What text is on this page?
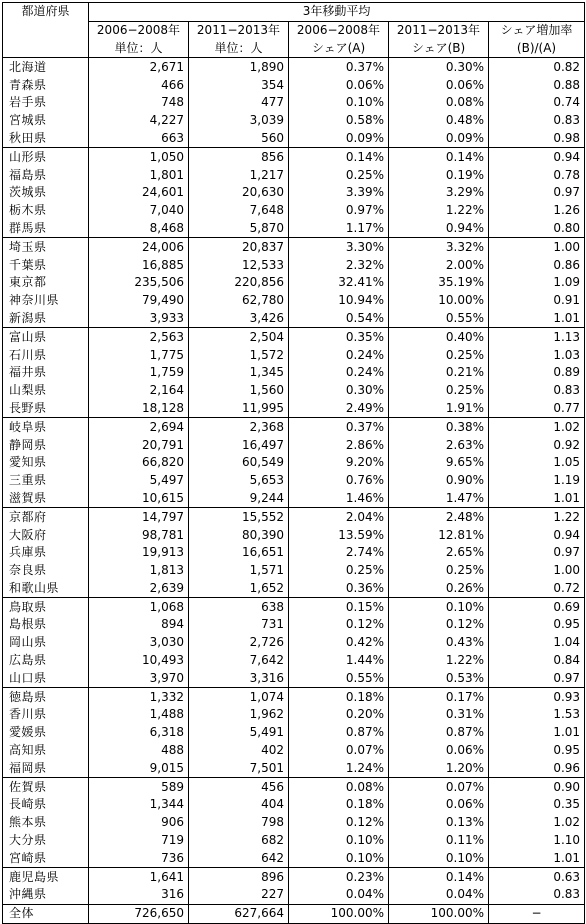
都道府県	3年移動平均				
	2006−2008年	2011−2013年	2006−2008年	2011−2013年	シェア増加率
	単位：人	単位：人	シェア(A)	シェア(B)	(B)/(A)
北海道	2,671	1,890	0.37%	0.30%	0.82
青森県	466	354	0.06%	0.06%	0.88
岩手県	748	477	0.10%	0.08%	0.74
宮城県	4,227	3,039	0.58%	0.48%	0.83
秋田県	663	560	0.09%	0.09%	0.98
山形県	1,050	856	0.14%	0.14%	0.94
福島県	1,801	1,217	0.25%	0.19%	0.78
茨城県	24,601	20,630	3.39%	3.29%	0.97
栃木県	7,040	7,648	0.97%	1.22%	1.26
群馬県	8,468	5,870	1.17%	0.94%	0.80
埼玉県	24,006	20,837	3.30%	3.32%	1.00
千葉県	16,885	12,533	2.32%	2.00%	0.86
東京都	235,506	220,856	32.41%	35.19%	1.09
神奈川県	79,490	62,780	10.94%	10.00%	0.91
新潟県	3,933	3,426	0.54%	0.55%	1.01
富山県	2,563	2,504	0.35%	0.40%	1.13
石川県	1,775	1,572	0.24%	0.25%	1.03
福井県	1,759	1,345	0.24%	0.21%	0.89
山梨県	2,164	1,560	0.30%	0.25%	0.83
長野県	18,128	11,995	2.49%	1.91%	0.77
岐阜県	2,694	2,368	0.37%	0.38%	1.02
静岡県	20,791	16,497	2.86%	2.63%	0.92
愛知県	66,820	60,549	9.20%	9.65%	1.05
三重県	5,497	5,653	0.76%	0.90%	1.19
滋賀県	10,615	9,244	1.46%	1.47%	1.01
京都府	14,797	15,552	2.04%	2.48%	1.22
大阪府	98,781	80,390	13.59%	12.81%	0.94
兵庫県	19,913	16,651	2.74%	2.65%	0.97
奈良県	1,813	1,571	0.25%	0.25%	1.00
和歌山県	2,639	1,652	0.36%	0.26%	0.72
鳥取県	1,068	638	0.15%	0.10%	0.69
島根県	894	731	0.12%	0.12%	0.95
岡山県	3,030	2,726	0.42%	0.43%	1.04
広島県	10,493	7,642	1.44%	1.22%	0.84
山口県	3,970	3,316	0.55%	0.53%	0.97
徳島県	1,332	1,074	0.18%	0.17%	0.93
香川県	1,488	1,962	0.20%	0.31%	1.53
愛媛県	6,318	5,491	0.87%	0.87%	1.01
高知県	488	402	0.07%	0.06%	0.95
福岡県	9,015	7,501	1.24%	1.20%	0.96
佐賀県	589	456	0.08%	0.07%	0.90
長崎県	1,344	404	0.18%	0.06%	0.35
熊本県	906	798	0.12%	0.13%	1.02
大分県	719	682	0.10%	0.11%	1.10
宮崎県	736	642	0.10%	0.10%	1.01
鹿児島県	1,641	896	0.23%	0.14%	0.63
沖縄県	316	227	0.04%	0.04%	0.83
全体	726,650	627,664	100.00%	100.00%	−
